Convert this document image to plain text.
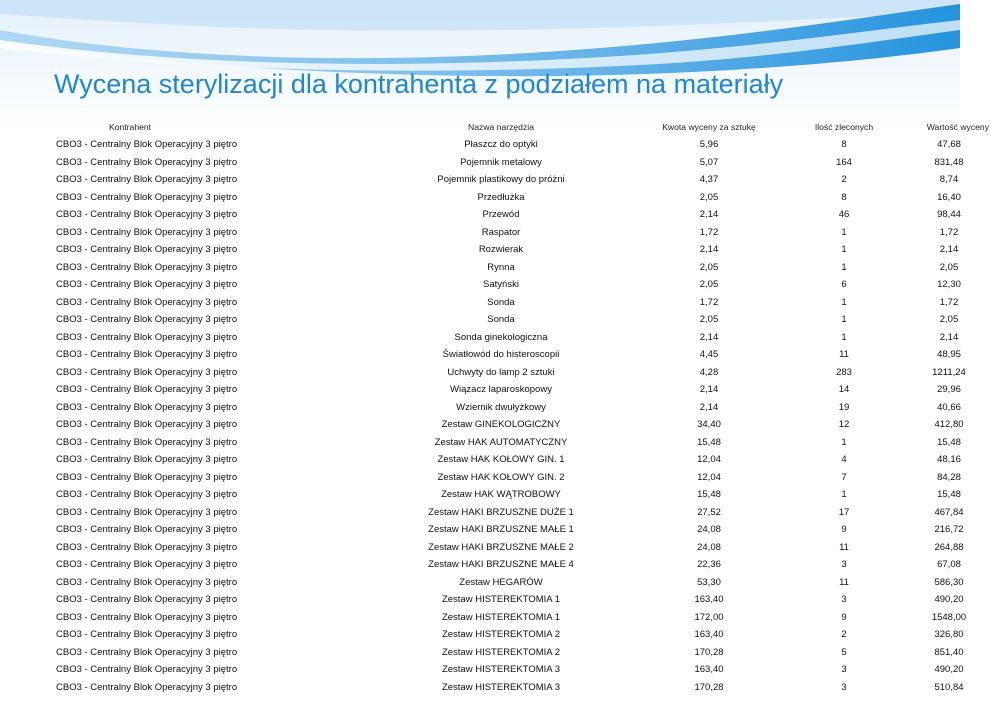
Wycena sterylizacji dla kontrahenta z podziałem na materiały
Kontrahent	Nazwa narzędzia	Kwota wyceny za sztukę	Ilość zleconych	Wartość wyceny
CBO3 - Centralny Blok Operacyjny 3 piętro	Płaszcz do optyki	5,96	8	47,68
CBO3 - Centralny Blok Operacyjny 3 piętro	Pojemnik metalowy	5,07	164	831,48
CBO3 - Centralny Blok Operacyjny 3 piętro	Pojemnik plastikowy do próżni	4,37	2	8,74
CBO3 - Centralny Blok Operacyjny 3 piętro	Przedłużka	2,05	8	16,40
CBO3 - Centralny Blok Operacyjny 3 piętro	Przewód	2,14	46	98,44
CBO3 - Centralny Blok Operacyjny 3 piętro	Raspator	1,72	1	1,72
CBO3 - Centralny Blok Operacyjny 3 piętro	Rozwierak	2,14	1	2,14
CBO3 - Centralny Blok Operacyjny 3 piętro	Rynna	2,05	1	2,05
CBO3 - Centralny Blok Operacyjny 3 piętro	Satyński	2,05	6	12,30
CBO3 - Centralny Blok Operacyjny 3 piętro	Sonda	1,72	1	1,72
CBO3 - Centralny Blok Operacyjny 3 piętro	Sonda	2,05	1	2,05
CBO3 - Centralny Blok Operacyjny 3 piętro	Sonda ginekologiczna	2,14	1	2,14
CBO3 - Centralny Blok Operacyjny 3 piętro	Światłowód do histeroscopii	4,45	11	48,95
CBO3 - Centralny Blok Operacyjny 3 piętro	Uchwyty do lamp 2 sztuki	4,28	283	1211,24
CBO3 - Centralny Blok Operacyjny 3 piętro	Wiązacz laparoskopowy	2,14	14	29,96
CBO3 - Centralny Blok Operacyjny 3 piętro	Wziernik dwułyżkowy	2,14	19	40,66
CBO3 - Centralny Blok Operacyjny 3 piętro	Zestaw GINEKOLOGICZNY	34,40	12	412,80
CBO3 - Centralny Blok Operacyjny 3 piętro	Zestaw HAK AUTOMATYCZNY	15,48	1	15,48
CBO3 - Centralny Blok Operacyjny 3 piętro	Zestaw HAK KOŁOWY GIN. 1	12,04	4	48,16
CBO3 - Centralny Blok Operacyjny 3 piętro	Zestaw HAK KOŁOWY GIN. 2	12,04	7	84,28
CBO3 - Centralny Blok Operacyjny 3 piętro	Zestaw HAK WĄTROBOWY	15,48	1	15,48
CBO3 - Centralny Blok Operacyjny 3 piętro	Zestaw HAKI BRZUSZNE DUŻE 1	27,52	17	467,84
CBO3 - Centralny Blok Operacyjny 3 piętro	Zestaw HAKI BRZUSZNE MAŁE 1	24,08	9	216,72
CBO3 - Centralny Blok Operacyjny 3 piętro	Zestaw HAKI BRZUSZNE MAŁE 2	24,08	11	264,88
CBO3 - Centralny Blok Operacyjny 3 piętro	Zestaw HAKI BRZUSZNE MAŁE 4	22,36	3	67,08
CBO3 - Centralny Blok Operacyjny 3 piętro	Zestaw HEGARÓW	53,30	11	586,30
CBO3 - Centralny Blok Operacyjny 3 piętro	Zestaw HISTEREKTOMIA 1	163,40	3	490,20
CBO3 - Centralny Blok Operacyjny 3 piętro	Zestaw HISTEREKTOMIA 1	172,00	9	1548,00
CBO3 - Centralny Blok Operacyjny 3 piętro	Zestaw HISTEREKTOMIA 2	163,40	2	326,80
CBO3 - Centralny Blok Operacyjny 3 piętro	Zestaw HISTEREKTOMIA 2	170,28	5	851,40
CBO3 - Centralny Blok Operacyjny 3 piętro	Zestaw HISTEREKTOMIA 3	163,40	3	490,20
CBO3 - Centralny Blok Operacyjny 3 piętro	Zestaw HISTEREKTOMIA 3	170,28	3	510,84
